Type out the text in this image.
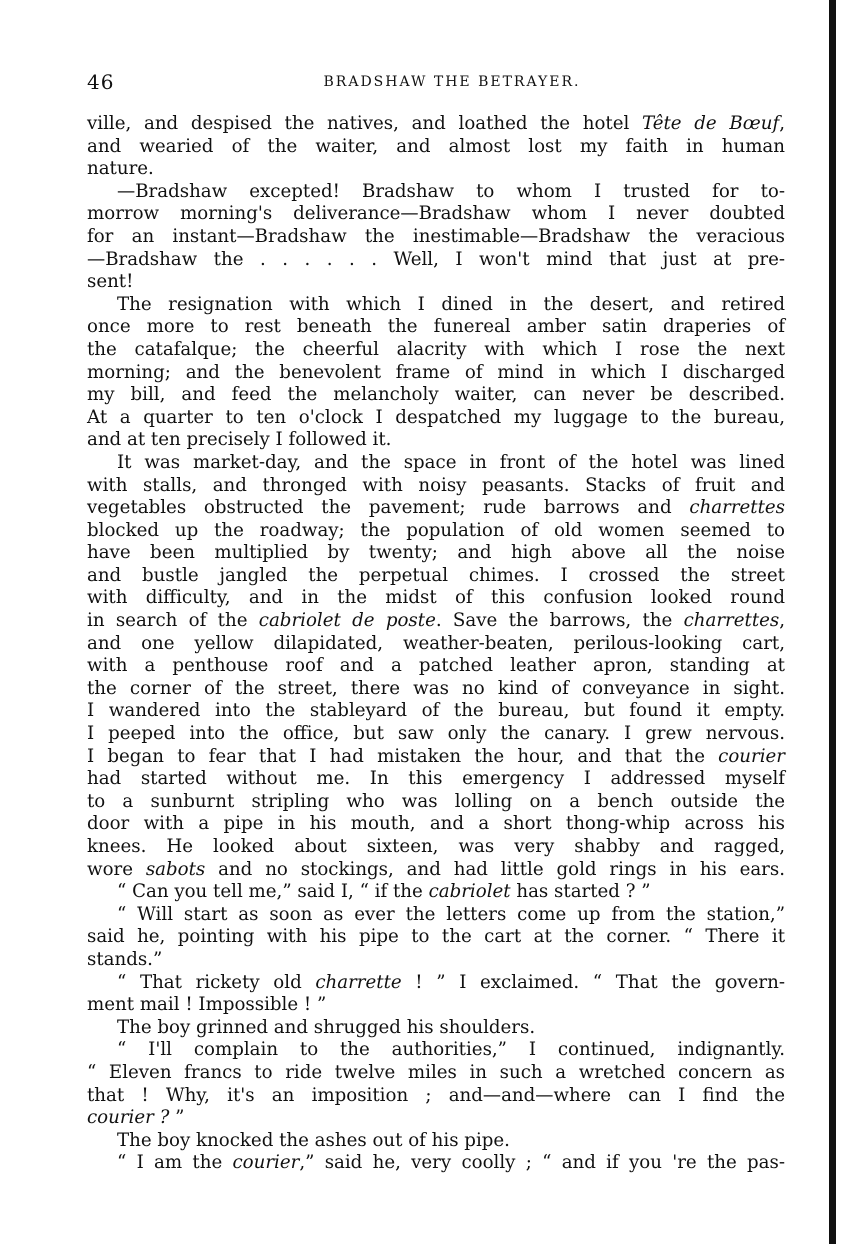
46	BRADSHAW THE BETRAYER.
ville, and despised the natives, and loathed the hotel Tête de Bœuf,
and wearied of the waiter, and almost lost my faith in human
nature.
—Bradshaw excepted! Bradshaw to whom I trusted for to-
morrow morning's deliverance—Bradshaw whom I never doubted
for an instant—Bradshaw the inestimable—Bradshaw the veracious
—Bradshaw the . . . . . . Well, I won't mind that just at pre-
sent!
The resignation with which I dined in the desert, and retired
once more to rest beneath the funereal amber satin draperies of
the catafalque; the cheerful alacrity with which I rose the next
morning; and the benevolent frame of mind in which I discharged
my bill, and feed the melancholy waiter, can never be described.
At a quarter to ten o'clock I despatched my luggage to the bureau,
and at ten precisely I followed it.
It was market-day, and the space in front of the hotel was lined
with stalls, and thronged with noisy peasants. Stacks of fruit and
vegetables obstructed the pavement; rude barrows and charrettes
blocked up the roadway; the population of old women seemed to
have been multiplied by twenty; and high above all the noise
and bustle jangled the perpetual chimes. I crossed the street
with difficulty, and in the midst of this confusion looked round
in search of the cabriolet de poste. Save the barrows, the charrettes,
and one yellow dilapidated, weather-beaten, perilous-looking cart,
with a penthouse roof and a patched leather apron, standing at
the corner of the street, there was no kind of conveyance in sight.
I wandered into the stableyard of the bureau, but found it empty.
I peeped into the office, but saw only the canary. I grew nervous.
I began to fear that I had mistaken the hour, and that the courier
had started without me. In this emergency I addressed myself
to a sunburnt stripling who was lolling on a bench outside the
door with a pipe in his mouth, and a short thong-whip across his
knees. He looked about sixteen, was very shabby and ragged,
wore sabots and no stockings, and had little gold rings in his ears.
“ Can you tell me,” said I, “ if the cabriolet has started ? ”
“ Will start as soon as ever the letters come up from the station,”
said he, pointing with his pipe to the cart at the corner. “ There it
stands.”
“ That rickety old charrette ! ” I exclaimed. “ That the govern-
ment mail ! Impossible ! ”
The boy grinned and shrugged his shoulders.
“ I'll complain to the authorities,” I continued, indignantly.
“ Eleven francs to ride twelve miles in such a wretched concern as
that ! Why, it's an imposition ; and—and—where can I find the
courier ? ”
The boy knocked the ashes out of his pipe.
“ I am the courier,” said he, very coolly ; “ and if you 're the pas-
